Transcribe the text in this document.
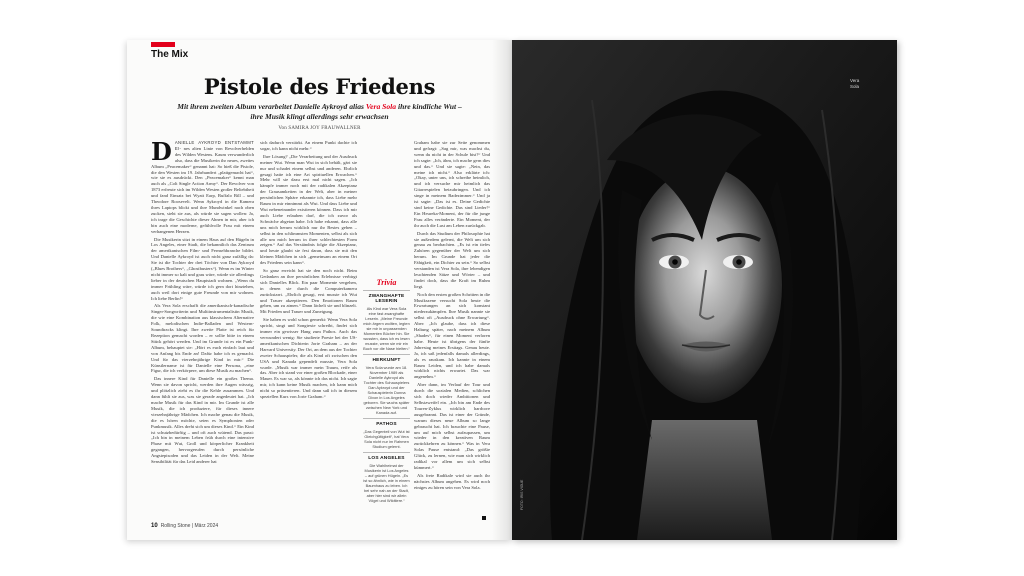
The Mix
Pistole des Friedens
Mit ihrem zweiten Album verarbeitet Danielle Aykroyd alias Vera Sola ihre kindliche Wut – ihre Musik klingt allerdings sehr erwachsen
Von SAMIRA JOY FRAUWALLNER

DANIELLE AYKROYD ENTSTAMMT EI- nes alten Linie von Revolverhelden des Wilden Westens. Kaum verwunderlich also, dass die Musikerin ihr neues, zweites Album „Peacemaker“ genannt hat: So hieß die Pistole, die den Westen im 19. Jahrhundert „plattgemacht hat“, wie sie es ausdrückt. Den „Peacemaker“ kennt man auch als „Colt Single Action Army“. Der Revolver von 1873 erfreute sich im Wilden Westen großer Beliebtheit und fand Einsatz bei Wyatt Earp, Buffalo Bill – und Theodore Roosevelt. Wenn Aykroyd in die Kamera ihres Laptops blickt und ihre Mundwinkel nach oben zucken, sieht sie aus, als würde sie sagen wollen: Ja, ich trage die Geschichte dieser Ahnen in mir, aber ich bin auch eine moderne, gefühlvolle Frau mit einem verhangenen Herzen.

Die Musikerin sitzt in einem Haus auf den Hügeln in Los Angeles, einer Stadt, die bekanntlich das Zentrum der amerikanischen Film- und Fernsehbranche bildet. Und Danielle Aykroyd ist auch nicht ganz zufällig da: Sie ist die Tochter der drei Töchter von Dan Aykroyd („Blues Brothers“, „Ghostbusters“). Wenn es im Winter nicht immer so kalt und grau wäre, würde sie allerdings lieber in der deutschen Hauptstadt wohnen. „Wenn du immer Frühling wäre, würde ich gern dort hinziehen, auch weil dort einige gute Freunde von mir wohnen. Ich liebe Berlin!“

Als Vera Sola erschafft die amerikanisch-kanadische Singer-Songwriterin und Multiinstrumentalistin Musik, die wie eine Kombination aus klassischem Alternative Folk, melodischen Indie-Balladen und Western-Soundtracks klingt. Ihre zweite Platte ist reich für Rezeption gemacht worden – er sollte bitte in einem Stück gehört werden. Und im Grunde ist es ein Punk-Album, behauptet sie: „Hört es euch einfach laut und von Anfang bis Ende an! Dafür habe ich es gemacht. Und für das vierzehnjährige Kind in mir.“ Die Künstlername ist für Danielle eine Persona, „eine Figur, die ich verkörpere, um diese Musik zu machen“.

Das innere Kind für Danielle ein großes Thema. Wenn sie davon spricht, werden ihre Augen wässrig, und plötzlich zieht es ihr die Kehle zusammen. Und dann fühlt sie aus, was sie gerade angedeutet hat. „Ich mache Musik für das Kind in mir. Im Grunde ist alle Musik, die ich produziere, für dieses innere vierzehnjährige Mädchen. Ich mache genau die Musik, die es hören möchte, seien es Symphonien oder Punkmusik. Alles dreht sich um dieses Kind.“ Ein Kind ist schutzbedürftig – und oft auch wütend. Das passt: „Ich bin in meinem Leben früh durch eine intensive Phase mit Wut, Groll und körperlicher Krankheit gegangen, hervorgerufen durch persönliche Angstepisoden und das Leiden in der Welt. Meine Sensibilität für das Leid anderer hat

sich dadurch verstärkt. An einem Punkt dachte ich sogar, ich kann nicht mehr.“

Ihre Lösung? „Die Verarbeitung und der Ausdruck meiner Wut. Wenn man Wut in sich behält, gärt sie nur und schadet einem selbst und anderen. Ehrlich gesagt hatte ich eine Art spirituellen Erwachen.“ Mehr will sie dazu erst mal nicht sagen. „Ich kämpfe immer noch mit der radikalen Akzeptanz der Grausamkeiten in der Welt, aber in meiner persönlichen Sphäre erkannte ich, dass Liebe mehr Raum in mir einnimmt als Wut. Und dass Liebe und Wut nebeneinander existieren können. Dass ich mir auch Liebe erlauben darf, die ich zuvor als Schwäche abgetan habe. Ich habe erkannt, dass alle uns mich herum wirklich nur ihr Bestes geben – selbst in den schlimmsten Momenten, selbst als sich alle um mich herum in ihrer schlechtesten Form zeigen.“ Auf das Verständnis folgte die Akzeptanz, und heute glaubt sie fest daran, dass sie mit den kleinen Mädchen in sich „gemeinsam an einem Ort des Friedens sein kann“.

So ganz erreicht hat sie den noch nicht. Beim Gedanken an ihre persönlichen Erlebnisse verbirgt sich Danielles Blick. Ein paar Momente vergehen, in denen sie durch die Computerkamera zurückstarrt. „Ehrlich gesagt, erst musste ich Wut und Trauer akzeptieren. Den Emotionen Raum geben, um zu atmen.“ Dann lächelt sie und blinzelt. Mit Frieden und Trauer und Zuneigung.

Sie haben es wohl schon gemerkt: Wenn Vera Sola spricht, singt und Songtexte schreibt, findet sich immer ein gewisser Hang zum Pathos. Auch das verwundert wenig: Sie studierte Poesie bei der US-amerikanischen Dichterin Jorie Graham – an der Harvard University. Der Ort, an dem aus der Tochter zweier Schauspieler, die als Kind oft zwischen den USA und Kanada gependelt musste, Vera Sola wurde. „Musik war immer mein Traum, reife als das. Aber ich stand vor einer großen Blockade, einer Mauer. Es war so, als könnte ich das nicht. Ich sagte mir, ich kann keine Musik machen, ich kann mich nicht so präsentieren. Und dann saß ich in diesem speziellen Kurs von Jorie Graham.“

Trivia
ZWANGHAFTE LESERIN
Als Kind war Vera Sola eine fast zwanghafte Leserin. „Meine Freunde mich ärgern wollten, legten sie mir in unpassenden Momenten Bücher hin. Sie wussten, dass ich es lesen musste, wenn sie mir ein Buch vor die Nase hielten.“
HERKUNFT
Vera Sola wurde am 18. November 1989 als Danielle Aykroyd als Tochter des Schauspielers Dan Aykroyd und der Schauspielerin Donna Dixon in Los Angeles geboren. Sie wuchs später zwischen New York und Kanada auf.
PATHOS
„Das Gegenteil von Wut ist Gleichgültigkeit“, hat Vera Sola nicht nur im Rahmen Studium gelernt.
LOS ANGELES
Die Wahlheimat der Musikerin ist Los Angeles – auf grünen Hügeln. „Es ist so ähnlich, wie in einem Baumhaus zu leben. Ich bei sehr nah an der Stadt, aber hier sind wir allein Vögel und Wildtiere.“

Graham habe sie zur Seite genommen und gefragt: „Sag mir, was machst du, wenn du nicht in der Schule bist?“ Und ich sagte: „Ich, ähm, ich mache gern dies und das.“ Und sie sagte: „Nein, das meine ich nicht.“ Also erklärte ich: „Okay, unter uns, ich schreibe heimlich, und ich versuche mir heimlich das Gitarrespielen beizubringen. Und ich singe in meinem Badezimmer.“ Und ja ist sagte: „Das ist es. Deine Gedichte sind keine Gedichte. Das sind Lieder!“ Ein Heureka-Moment, der für die junge Frau alles veränderte. Ein Moment, der ihr auch die Lust am Leben zurückgab.

Durch das Studium der Philosophie hat sie außerdem gelernt, die Welt um sich genau zu beobachten. „Es ist ein tiefes Zuhören gegenüber der Welt um sich herum. Im Grunde hat jeder die Fähigkeit, ein Dichter zu sein.“ So selbst verstanden ist Vera Sola, ihre lebendigen leuchtenden Sätze und Wörter – und findet doch, dass die Kraft im Ruhm liegt.

Noch den ersten großen Schritten in die Musikszene versucht Sola heute die Erwartungen an sich konstant niederzukämpfen. Ihre Musik nannte sie selbst oft „Ausdruck ohne Erwartung“. Aber: „Ich glaube, dass ich diese Haltung später, nach meinem Album „Shades“, für einen Moment verloren habe. Heute ist übrigens der fünfte Jahrestag meines Ersttags. Genau heute. Ja, ich saß jedenfalls damals allerdings, als es rauskam. Ich kannte in einem Raum Leiden, und ich habe damals wirklich nichts erwartet. Das war angenehm.“

Aber dann, im Verlauf der Tour und durch die sozialen Medien, schlichen sich doch wieder Ambitionen und Selbstzweifel ein. „Ich bin am Ende des Touren-Zyklus wirklich hardcore ausgebrannt. Das ist einer der Gründe, warum dieses neue Album so lange gebraucht hat. Ich brauchte eine Pause, um auf mich selbst aufzupassen, um wieder in den kreativen Raum zurückkehren zu können.“ Was in Vera Solas Pause entstand: „Das größte Glück, zu lernen, wie man sich wirklich radikal vor allem um sich selbst kümmert.“

Als freie Radikale wird sie auch ihr nächstes Album angehen. Es wird noch einiges zu hören sein von Vera Sola.

10 Rolling Stone | März 2024
Vera
Sola
FOTO: IRIS VIGUE
